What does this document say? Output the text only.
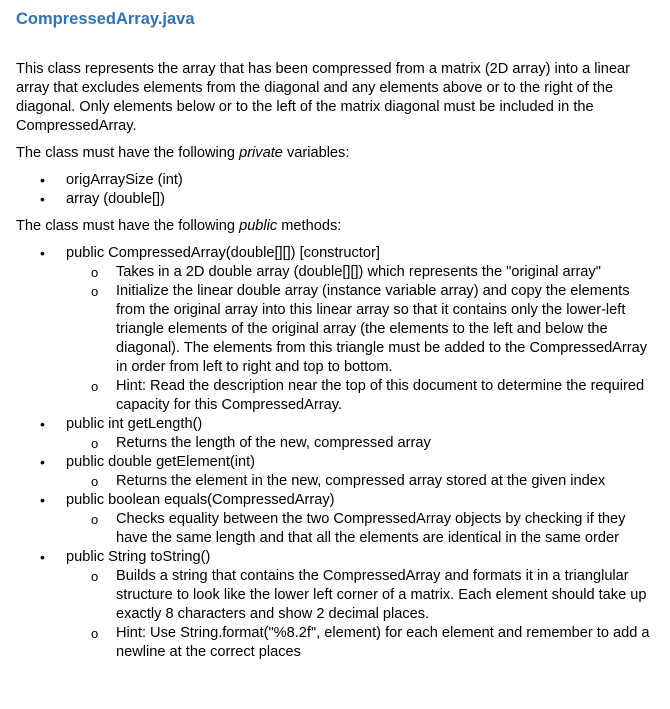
CompressedArray.java

This class represents the array that has been compressed from a matrix (2D array) into a linear array that excludes elements from the diagonal and any elements above or to the right of the diagonal. Only elements below or to the left of the matrix diagonal must be included in the CompressedArray.

The class must have the following private variables:

• origArraySize (int)
• array (double[])

The class must have the following public methods:

• public CompressedArray(double[][]) [constructor]
o Takes in a 2D double array (double[][]) which represents the "original array"
o Initialize the linear double array (instance variable array) and copy the elements from the original array into this linear array so that it contains only the lower-left triangle elements of the original array (the elements to the left and below the diagonal). The elements from this triangle must be added to the CompressedArray in order from left to right and top to bottom.
o Hint: Read the description near the top of this document to determine the required capacity for this CompressedArray.
• public int getLength()
o Returns the length of the new, compressed array
• public double getElement(int)
o Returns the element in the new, compressed array stored at the given index
• public boolean equals(CompressedArray)
o Checks equality between the two CompressedArray objects by checking if they have the same length and that all the elements are identical in the same order
• public String toString()
o Builds a string that contains the CompressedArray and formats it in a trianglular structure to look like the lower left corner of a matrix. Each element should take up exactly 8 characters and show 2 decimal places.
o Hint: Use String.format("%8.2f", element) for each element and remember to add a newline at the correct places
